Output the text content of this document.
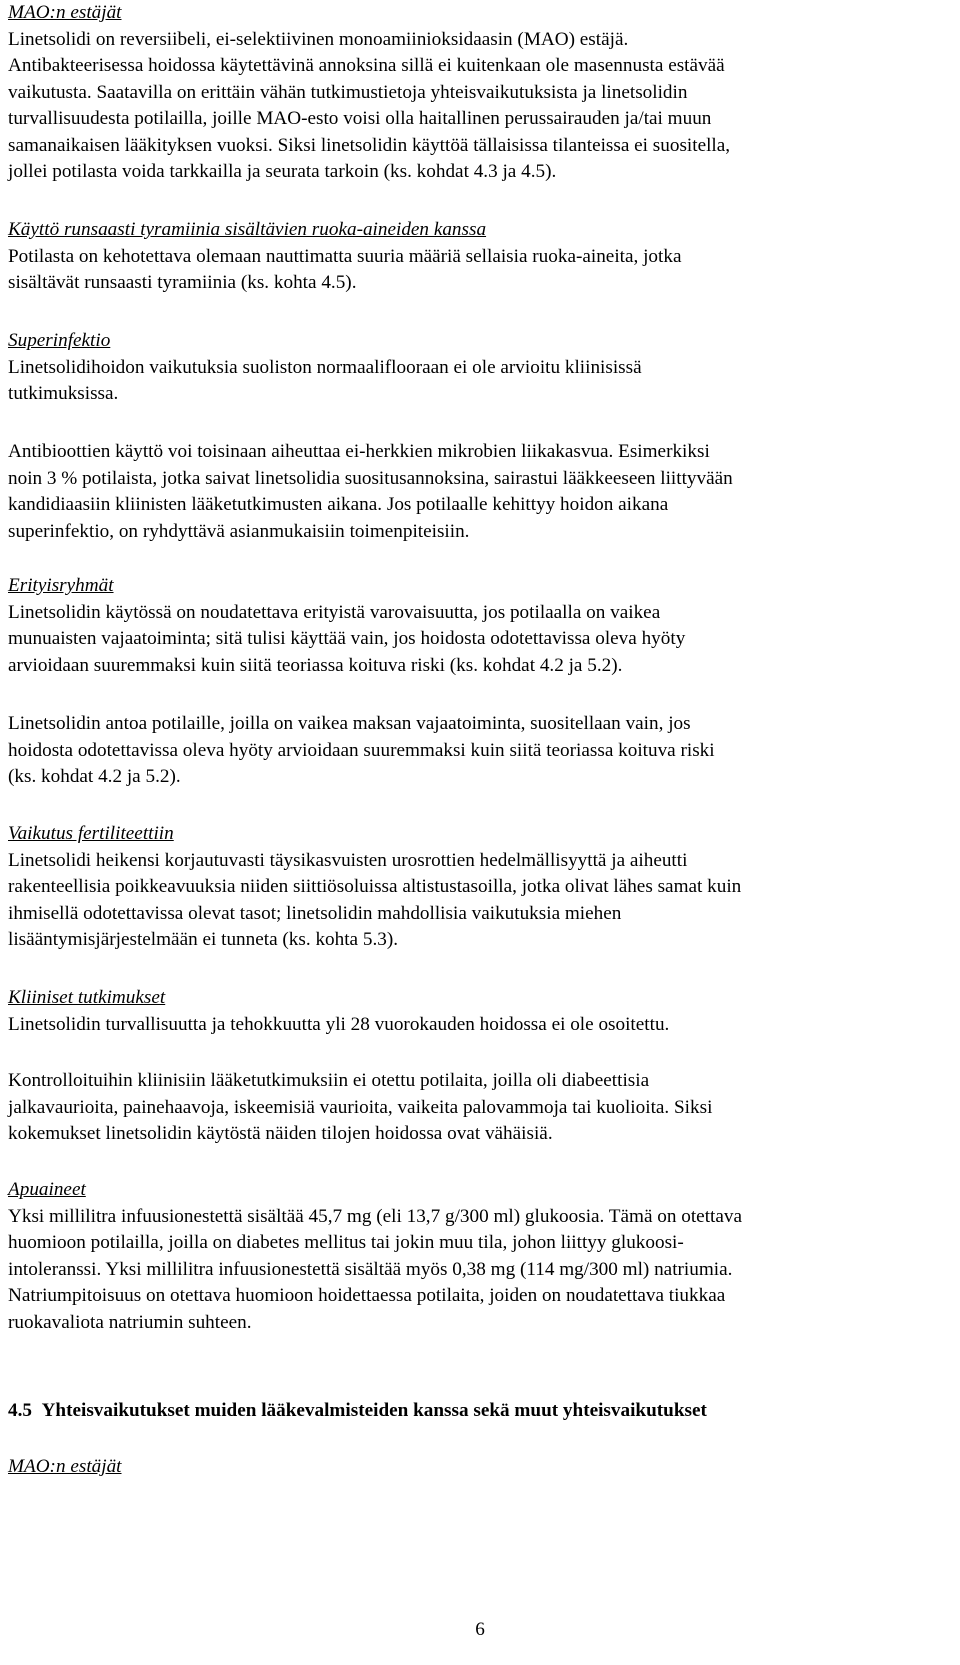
MAO:n estäjät
Linetsolidi on reversiibeli, ei-selektiivinen monoamiinioksidaasin (MAO) estäjä.
Antibakteerisessa hoidossa käytettävinä annoksina sillä ei kuitenkaan ole masennusta estävää
vaikutusta. Saatavilla on erittäin vähän tutkimustietoja yhteisvaikutuksista ja linetsolidin
turvallisuudesta potilailla, joille MAO-esto voisi olla haitallinen perussairauden ja/tai muun
samanaikaisen lääkityksen vuoksi. Siksi linetsolidin käyttöä tällaisissa tilanteissa ei suositella,
jollei potilasta voida tarkkailla ja seurata tarkoin (ks. kohdat 4.3 ja 4.5).
Käyttö runsaasti tyramiinia sisältävien ruoka-aineiden kanssa
Potilasta on kehotettava olemaan nauttimatta suuria määriä sellaisia ruoka-aineita, jotka
sisältävät runsaasti tyramiinia (ks. kohta 4.5).
Superinfektio
Linetsolidihoidon vaikutuksia suoliston normaaliflooraan ei ole arvioitu kliinisissä
tutkimuksissa.
Antibioottien käyttö voi toisinaan aiheuttaa ei-herkkien mikrobien liikakasvua. Esimerkiksi
noin 3 % potilaista, jotka saivat linetsolidia suositusannoksina, sairastui lääkkeeseen liittyvään
kandidiaasiin kliinisten lääketutkimusten aikana. Jos potilaalle kehittyy hoidon aikana
superinfektio, on ryhdyttävä asianmukaisiin toimenpiteisiin.
Erityisryhmät
Linetsolidin käytössä on noudatettava erityistä varovaisuutta, jos potilaalla on vaikea
munuaisten vajaatoiminta; sitä tulisi käyttää vain, jos hoidosta odotettavissa oleva hyöty
arvioidaan suuremmaksi kuin siitä teoriassa koituva riski (ks. kohdat 4.2 ja 5.2).
Linetsolidin antoa potilaille, joilla on vaikea maksan vajaatoiminta, suositellaan vain, jos
hoidosta odotettavissa oleva hyöty arvioidaan suuremmaksi kuin siitä teoriassa koituva riski
(ks. kohdat 4.2 ja 5.2).
Vaikutus fertiliteettiin
Linetsolidi heikensi korjautuvasti täysikasvuisten urosrottien hedelmällisyyttä ja aiheutti
rakenteellisia poikkeavuuksia niiden siittiösoluissa altistustasoilla, jotka olivat lähes samat kuin
ihmisellä odotettavissa olevat tasot; linetsolidin mahdollisia vaikutuksia miehen
lisääntymisjärjestelmään ei tunneta (ks. kohta 5.3).
Kliiniset tutkimukset
Linetsolidin turvallisuutta ja tehokkuutta yli 28 vuorokauden hoidossa ei ole osoitettu.
Kontrolloituihin kliinisiin lääketutkimuksiin ei otettu potilaita, joilla oli diabeettisia
jalkavaurioita, painehaavoja, iskeemisiä vaurioita, vaikeita palovammoja tai kuolioita. Siksi
kokemukset linetsolidin käytöstä näiden tilojen hoidossa ovat vähäisiä.
Apuaineet
Yksi millilitra infuusionestettä sisältää 45,7 mg (eli 13,7 g/300 ml) glukoosia. Tämä on otettava
huomioon potilailla, joilla on diabetes mellitus tai jokin muu tila, johon liittyy glukoosi-
intoleranssi. Yksi millilitra infuusionestettä sisältää myös 0,38 mg (114 mg/300 ml) natriumia.
Natriumpitoisuus on otettava huomioon hoidettaessa potilaita, joiden on noudatettava tiukkaa
ruokavaliota natriumin suhteen.
4.5 Yhteisvaikutukset muiden lääkevalmisteiden kanssa sekä muut yhteisvaikutukset
MAO:n estäjät
6
